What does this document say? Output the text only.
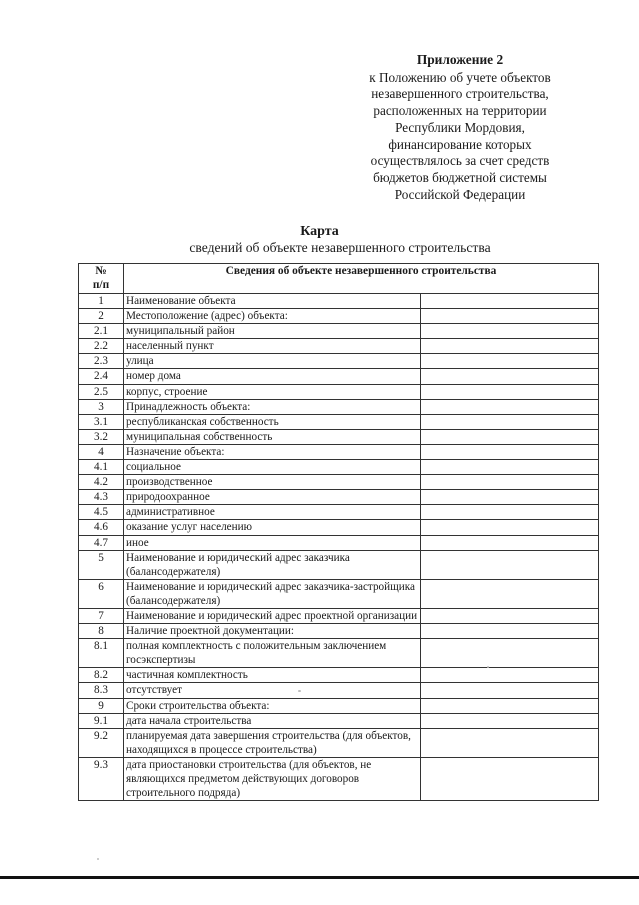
Приложение 2
к Положению об учете объектов
незавершенного строительства,
расположенных на территории
Республики Мордовия,
финансирование которых
осуществлялось за счет средств
бюджетов бюджетной системы
Российской Федерации
Карта
сведений об объекте незавершенного строительства
№
п/п	Сведения об объекте незавершенного строительства	
1	Наименование объекта	
2	Местоположение (адрес) объекта:	
2.1	муниципальный район	
2.2	населенный пункт	
2.3	улица	
2.4	номер дома	
2.5	корпус, строение	
3	Принадлежность объекта:	
3.1	республиканская собственность	
3.2	муниципальная собственность	
4	Назначение объекта:	
4.1	социальное	
4.2	производственное	
4.3	природоохранное	
4.5	административное	
4.6	оказание услуг населению	
4.7	иное	
5	Наименование и юридический адрес заказчика (балансодержателя)	
6	Наименование и юридический адрес заказчика-застройщика (балансодержателя)	
7	Наименование и юридический адрес проектной организации	
8	Наличие проектной документации:	
8.1	полная комплектность с положительным заключением госэкспертизы	
8.2	частичная комплектность	
8.3	отсутствует	
9	Сроки строительства объекта:	
9.1	дата начала строительства	
9.2	планируемая дата завершения строительства (для объектов, находящихся в процессе строительства)	
9.3	дата приостановки строительства (для объектов, не являющихся предметом действующих договоров строительного подряда)	
